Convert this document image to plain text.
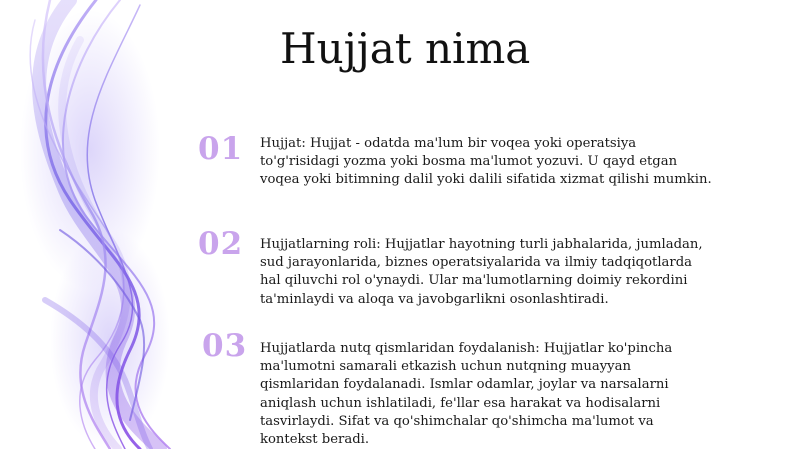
Hujjat nima
01 Hujjat: Hujjat - odatda ma'lum bir voqea yoki operatsiya to'g'risidagi yozma yoki bosma ma'lumot yozuvi. U qayd etgan voqea yoki bitimning dalil yoki dalili sifatida xizmat qilishi mumkin.

02 Hujjatlarning roli: Hujjatlar hayotning turli jabhalarida, jumladan, sud jarayonlarida, biznes operatsiyalarida va ilmiy tadqiqotlarda hal qiluvchi rol o'ynaydi. Ular ma'lumotlarning doimiy rekordini ta'minlaydi va aloqa va javobgarlikni osonlashtiradi.

03 Hujjatlarda nutq qismlaridan foydalanish: Hujjatlar ko'pincha ma'lumotni samarali etkazish uchun nutqning muayyan qismlaridan foydalanadi. Ismlar odamlar, joylar va narsalarni aniqlash uchun ishlatiladi, fe'llar esa harakat va hodisalarni tasvirlaydi. Sifat va qo'shimchalar qo'shimcha ma'lumot va kontekst beradi.
